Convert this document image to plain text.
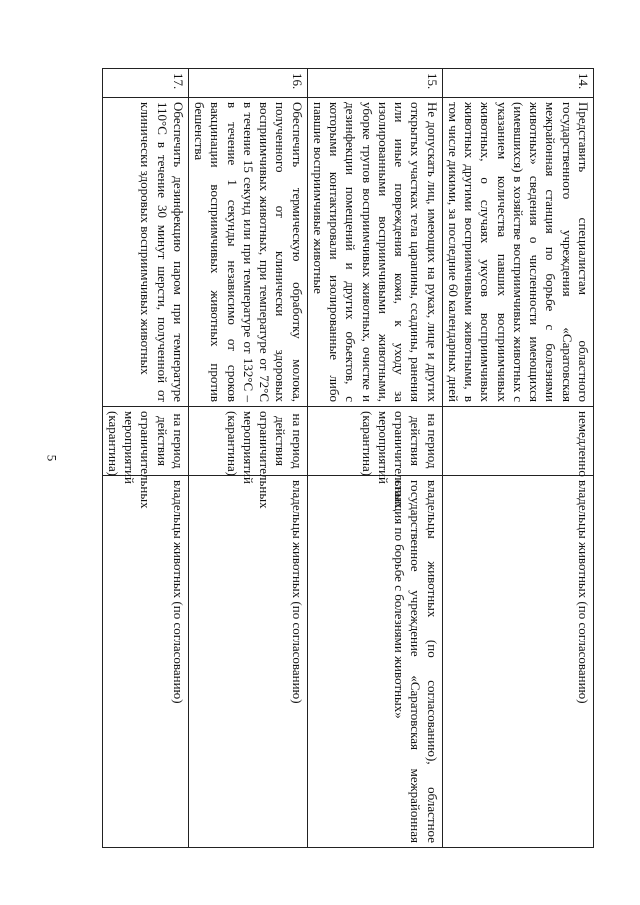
5
14.	Представить специалистам областного государственного учреждения «Саратовская межрайонная станция по борьбе с болезнями животных» сведения о численности имеющихся (имевшихся) в хозяйстве восприимчивых животных с указанием количества павших восприимчивых животных, о случаях укусов восприимчивых животных другими восприимчивыми животными, в том числе дикими, за последние 60 календарных дней	немедленно	владельцы животных (по согласованию)
15.	Не допускать лиц, имеющих на руках, лице и других открытых участках тела царапины, ссадины, ранения или иные повреждения кожи, к уходу за изолированными восприимчивыми животными, уборке трупов восприимчивых животных, очистке и дезинфекции помещений и других объектов, с которыми контактировали изолированные либо павшие восприимчивые животные	на период действия ограничительных мероприятий (карантина)	владельцы животных (по согласованию), областное государственное учреждение «Саратовская межрайонная станция по борьбе с болезнями животных»
16.	Обеспечить термическую обработку молока, полученного от клинически здоровых восприимчивых животных, при температуре от 72°С в течение 15 секунд или при температуре от 132°С – в течение 1 секунды независимо от сроков вакцинации восприимчивых животных против бешенства	на период действия ограничительных мероприятий (карантина)	владельцы животных (по согласованию)
17.	Обеспечить дезинфекцию паром при температуре 110°С в течение 30 минут шерсти, полученной от клинически здоровых восприимчивых животных	на период действия ограничительных мероприятий (карантина)	владельцы животных (по согласованию)
